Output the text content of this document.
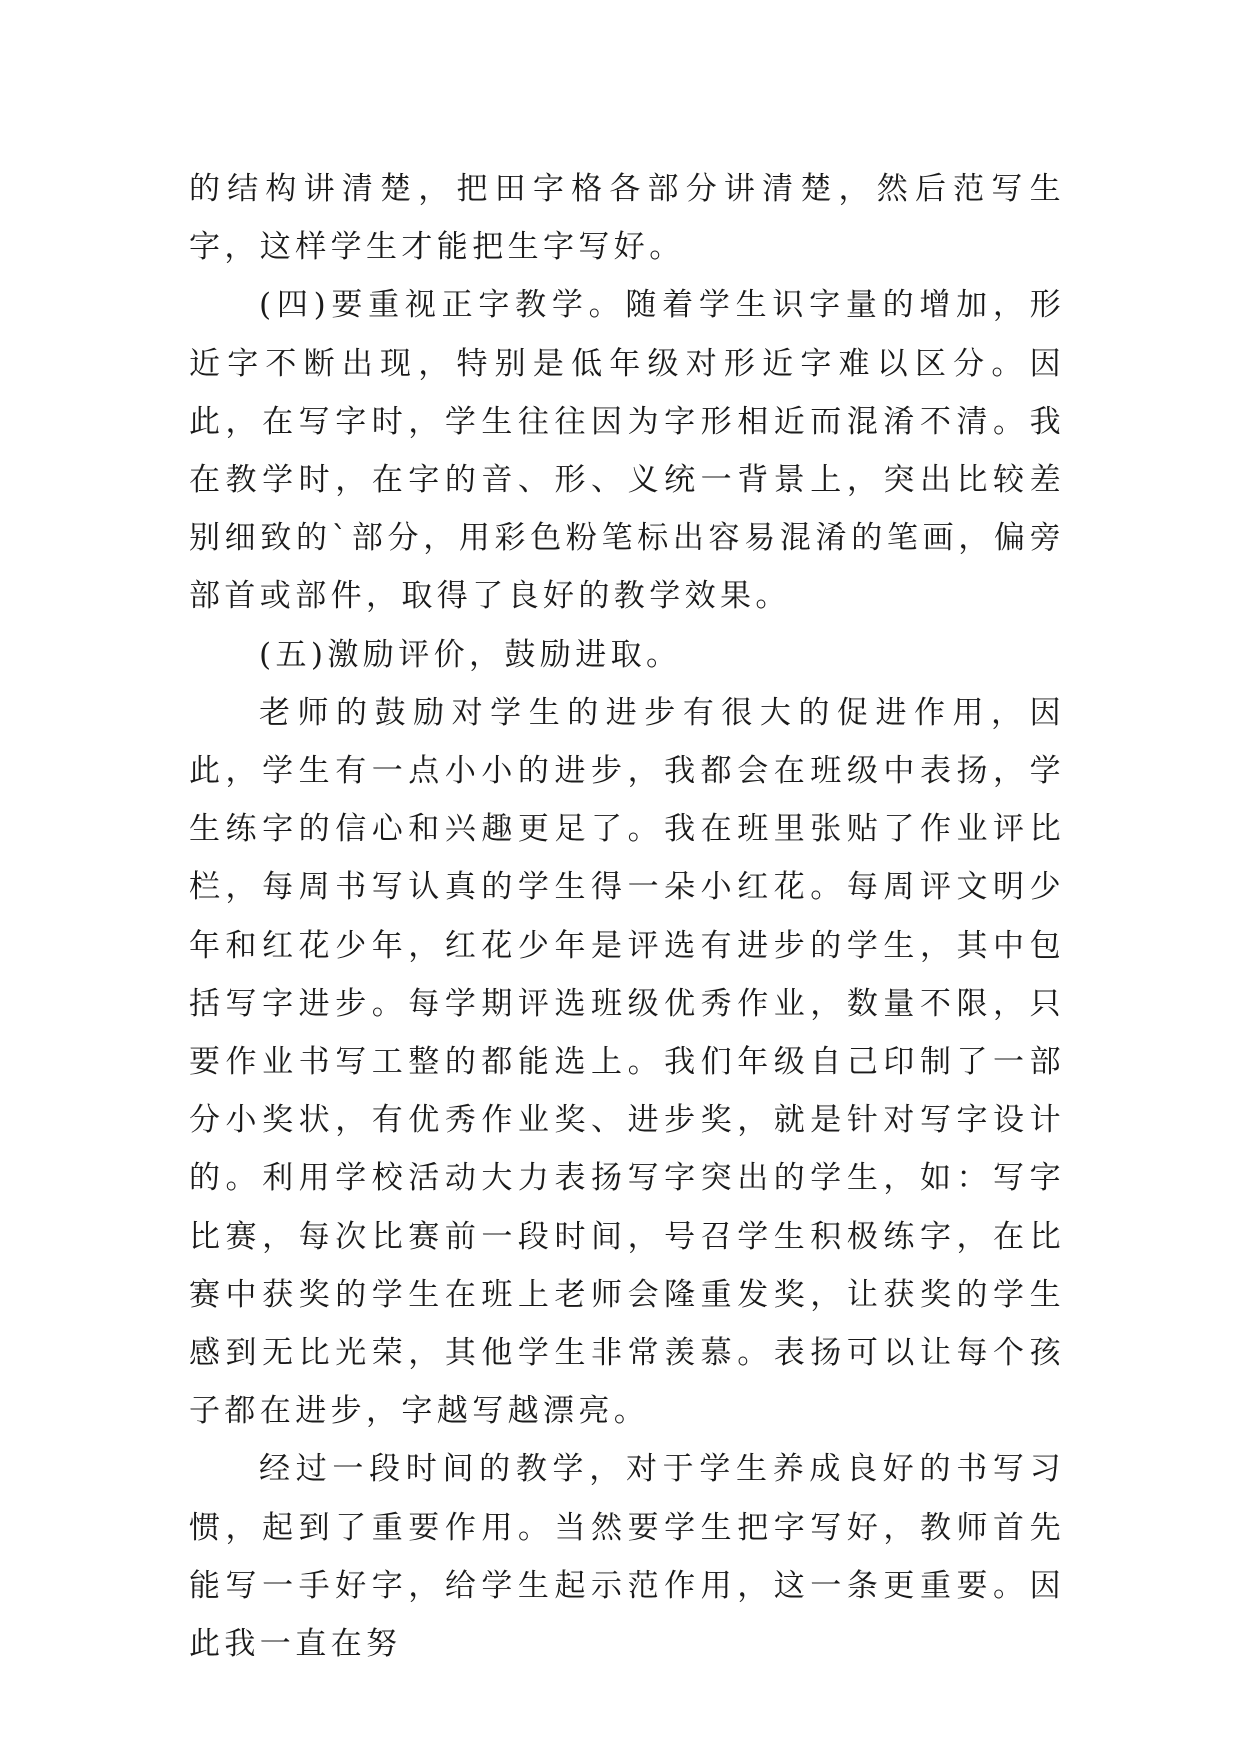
的结构讲清楚，把田字格各部分讲清楚，然后范写生字，这样学生才能把生字写好。

(四)要重视正字教学。随着学生识字量的增加，形近字不断出现，特别是低年级对形近字难以区分。因此，在写字时，学生往往因为字形相近而混淆不清。我在教学时，在字的音、形、义统一背景上，突出比较差别细致的`部分，用彩色粉笔标出容易混淆的笔画，偏旁部首或部件，取得了良好的教学效果。

(五)激励评价，鼓励进取。

老师的鼓励对学生的进步有很大的促进作用，因此，学生有一点小小的进步，我都会在班级中表扬，学生练字的信心和兴趣更足了。我在班里张贴了作业评比栏，每周书写认真的学生得一朵小红花。每周评文明少年和红花少年，红花少年是评选有进步的学生，其中包括写字进步。每学期评选班级优秀作业，数量不限，只要作业书写工整的都能选上。我们年级自己印制了一部分小奖状，有优秀作业奖、进步奖，就是针对写字设计的。利用学校活动大力表扬写字突出的学生，如：写字比赛，每次比赛前一段时间，号召学生积极练字，在比赛中获奖的学生在班上老师会隆重发奖，让获奖的学生感到无比光荣，其他学生非常羡慕。表扬可以让每个孩子都在进步，字越写越漂亮。

经过一段时间的教学，对于学生养成良好的书写习惯，起到了重要作用。当然要学生把字写好，教师首先能写一手好字，给学生起示范作用，这一条更重要。因此我一直在努
